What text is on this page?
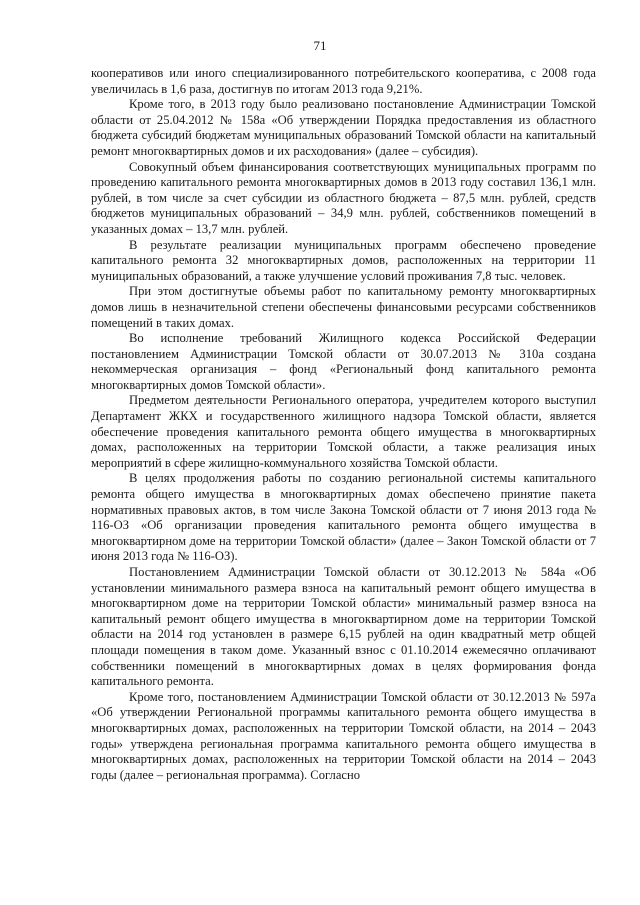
71

кооперативов или иного специализированного потребительского кооператива, с 2008 года увеличилась в 1,6 раза, достигнув по итогам 2013 года 9,21%.

Кроме того, в 2013 году было реализовано постановление Администрации Томской области от 25.04.2012 № 158а «Об утверждении Порядка предоставления из областного бюджета субсидий бюджетам муниципальных образований Томской области на капитальный ремонт многоквартирных домов и их расходования» (далее – субсидия).

Совокупный объем финансирования соответствующих муниципальных программ по проведению капитального ремонта многоквартирных домов в 2013 году составил 136,1 млн. рублей, в том числе за счет субсидии из областного бюджета – 87,5 млн. рублей, средств бюджетов муниципальных образований – 34,9 млн. рублей, собственников помещений в указанных домах – 13,7 млн. рублей.

В результате реализации муниципальных программ обеспечено проведение капитального ремонта 32 многоквартирных домов, расположенных на территории 11 муниципальных образований, а также улучшение условий проживания 7,8 тыс. человек.

При этом достигнутые объемы работ по капитальному ремонту многоквартирных домов лишь в незначительной степени обеспечены финансовыми ресурсами собственников помещений в таких домах.

Во исполнение требований Жилищного кодекса Российской Федерации постановлением Администрации Томской области от 30.07.2013 № 310а создана некоммерческая организация – фонд «Региональный фонд капитального ремонта многоквартирных домов Томской области».

Предметом деятельности Регионального оператора, учредителем которого выступил Департамент ЖКХ и государственного жилищного надзора Томской области, является обеспечение проведения капитального ремонта общего имущества в многоквартирных домах, расположенных на территории Томской области, а также реализация иных мероприятий в сфере жилищно-коммунального хозяйства Томской области.

В целях продолжения работы по созданию региональной системы капитального ремонта общего имущества в многоквартирных домах обеспечено принятие пакета нормативных правовых актов, в том числе Закона Томской области от 7 июня 2013 года № 116-ОЗ «Об организации проведения капитального ремонта общего имущества в многоквартирном доме на территории Томской области» (далее – Закон Томской области от 7 июня 2013 года № 116-ОЗ).

Постановлением Администрации Томской области от 30.12.2013 № 584а «Об установлении минимального размера взноса на капитальный ремонт общего имущества в многоквартирном доме на территории Томской области» минимальный размер взноса на капитальный ремонт общего имущества в многоквартирном доме на территории Томской области на 2014 год установлен в размере 6,15 рублей на один квадратный метр общей площади помещения в таком доме. Указанный взнос с 01.10.2014 ежемесячно оплачивают собственники помещений в многоквартирных домах в целях формирования фонда капитального ремонта.

Кроме того, постановлением Администрации Томской области от 30.12.2013 № 597а «Об утверждении Региональной программы капитального ремонта общего имущества в многоквартирных домах, расположенных на территории Томской области, на 2014 – 2043 годы» утверждена региональная программа капитального ремонта общего имущества в многоквартирных домах, расположенных на территории Томской области на 2014 – 2043 годы (далее – региональная программа). Согласно
